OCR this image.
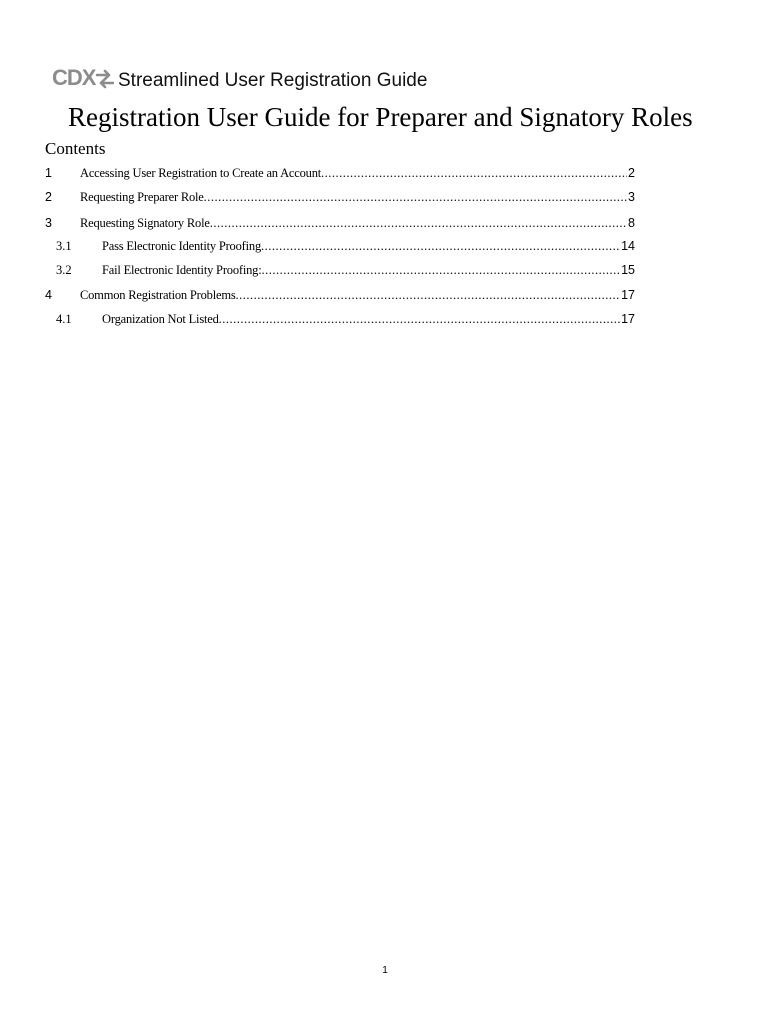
CDX Streamlined User Registration Guide
Registration User Guide for Preparer and Signatory Roles
Contents
1 Accessing User Registration to Create an Account .....	2
2 Requesting Preparer Role .....	3
3 Requesting Signatory Role .....	8
3.1 Pass Electronic Identity Proofing .....	14
3.2 Fail Electronic Identity Proofing: .....	15
4 Common Registration Problems .....	17
4.1 Organization Not Listed .....	17
1
